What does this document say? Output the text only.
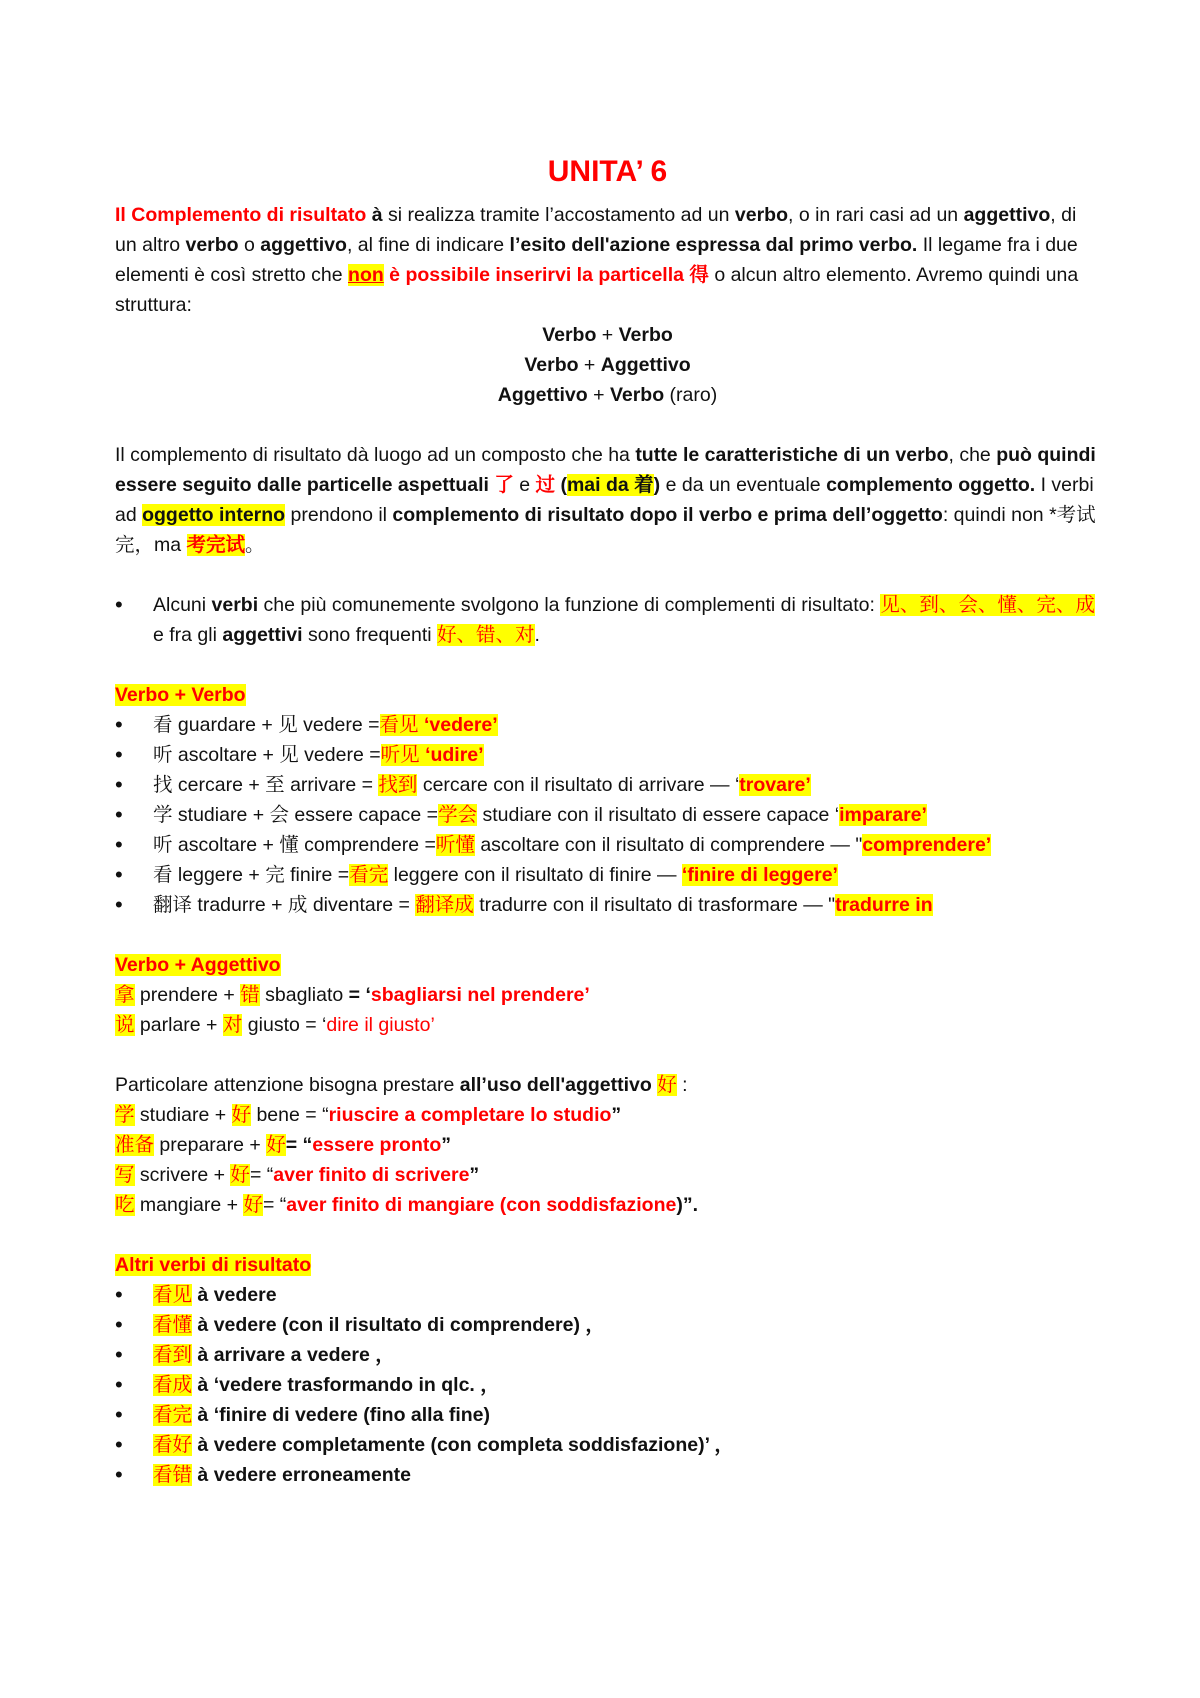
UNITA’ 6

Il Complemento di risultato à si realizza tramite l’accostamento ad un verbo, o in rari casi ad un aggettivo, di un altro verbo o aggettivo, al fine di indicare l’esito dell'azione espressa dal primo verbo. Il legame fra i due elementi è così stretto che non è possibile inserirvi la particella 得 o alcun altro elemento. Avremo quindi una struttura:

Verbo + Verbo

Verbo + Aggettivo

Aggettivo + Verbo (raro)

Il complemento di risultato dà luogo ad un composto che ha tutte le caratteristiche di un verbo, che può quindi essere seguito dalle particelle aspettuali 了 e 过 (mai da 着) e da un eventuale complemento oggetto. I verbi ad oggetto interno prendono il complemento di risultato dopo il verbo e prima dell’oggetto: quindi non *考试完，ma 考完试。

• Alcuni verbi che più comunemente svolgono la funzione di complementi di risultato: 见、到、会、懂、完、成 e fra gli aggettivi sono frequenti 好、错、对.

Verbo + Verbo

• 看 guardare + 见 vedere =看见 ‘vedere’
• 听 ascoltare + 见 vedere =听见 ‘udire’
• 找 cercare + 至 arrivare = 找到 cercare con il risultato di arrivare — ‘trovare’
• 学 studiare + 会 essere capace =学会 studiare con il risultato di essere capace ‘imparare’
• 听 ascoltare + 懂 comprendere =听懂 ascoltare con il risultato di comprendere — "comprendere’
• 看 leggere + 完 finire =看完 leggere con il risultato di finire — ‘finire di leggere’
• 翻译 tradurre + 成 diventare = 翻译成 tradurre con il risultato di trasformare — "tradurre in

Verbo + Aggettivo

拿 prendere + 错 sbagliato = ‘sbagliarsi nel prendere’

说 parlare + 对 giusto = ‘dire il giusto’

Particolare attenzione bisogna prestare all’uso dell'aggettivo 好 :

学 studiare + 好 bene = “riuscire a completare lo studio”

准备 preparare + 好= “essere pronto”

写 scrivere + 好= “aver finito di scrivere”

吃 mangiare + 好= “aver finito di mangiare (con soddisfazione)”.

Altri verbi di risultato

• 看见 à vedere
• 看懂 à vedere (con il risultato di comprendere) ，
• 看到 à arrivare a vedere ，
• 看成 à ‘vedere trasformando in qlc. ，
• 看完 à ‘finire di vedere (fino alla fine)
• 看好 à vedere completamente (con completa soddisfazione)’ ，
• 看错 à vedere erroneamente
